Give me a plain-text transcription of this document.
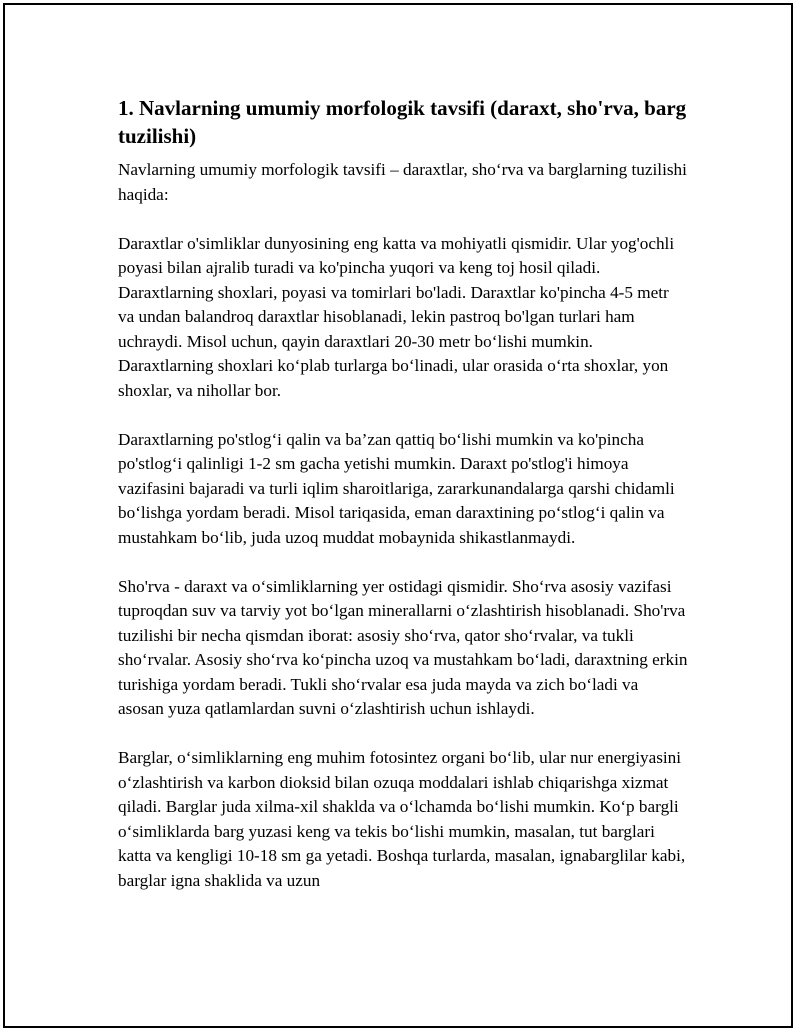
1. Navlarning umumiy morfologik tavsifi (daraxt, sho'rva, barg tuzilishi)

Navlarning umumiy morfologik tavsifi – daraxtlar, sho‘rva va barglarning tuzilishi haqida:

Daraxtlar o'simliklar dunyosining eng katta va mohiyatli qismidir. Ular yog'ochli poyasi bilan ajralib turadi va ko'pincha yuqori va keng toj hosil qiladi. Daraxtlarning shoxlari, poyasi va tomirlari bo'ladi. Daraxtlar ko'pincha 4-5 metr va undan balandroq daraxtlar hisoblanadi, lekin pastroq bo'lgan turlari ham uchraydi. Misol uchun, qayin daraxtlari 20-30 metr bo‘lishi mumkin. Daraxtlarning shoxlari ko‘plab turlarga bo‘linadi, ular orasida o‘rta shoxlar, yon shoxlar, va nihollar bor.

Daraxtlarning po'stlog‘i qalin va ba’zan qattiq bo‘lishi mumkin va ko'pincha po'stlog‘i qalinligi 1-2 sm gacha yetishi mumkin. Daraxt po'stlog'i himoya vazifasini bajaradi va turli iqlim sharoitlariga, zararkunandalarga qarshi chidamli bo‘lishga yordam beradi. Misol tariqasida, eman daraxtining po‘stlog‘i qalin va mustahkam bo‘lib, juda uzoq muddat mobaynida shikastlanmaydi.

Sho'rva - daraxt va o‘simliklarning yer ostidagi qismidir. Sho‘rva asosiy vazifasi tuproqdan suv va tarviy yot bo‘lgan minerallarni o‘zlashtirish hisoblanadi. Sho'rva tuzilishi bir necha qismdan iborat: asosiy sho‘rva, qator sho‘rvalar, va tukli sho‘rvalar. Asosiy sho‘rva ko‘pincha uzoq va mustahkam bo‘ladi, daraxtning erkin turishiga yordam beradi. Tukli sho‘rvalar esa juda mayda va zich bo‘ladi va asosan yuza qatlamlardan suvni o‘zlashtirish uchun ishlaydi.

Barglar, o‘simliklarning eng muhim fotosintez organi bo‘lib, ular nur energiyasini o‘zlashtirish va karbon dioksid bilan ozuqa moddalari ishlab chiqarishga xizmat qiladi. Barglar juda xilma-xil shaklda va o‘lchamda bo‘lishi mumkin. Ko‘p bargli o‘simliklarda barg yuzasi keng va tekis bo‘lishi mumkin, masalan, tut barglari katta va kengligi 10-18 sm ga yetadi. Boshqa turlarda, masalan, ignabarglilar kabi, barglar igna shaklida va uzun
